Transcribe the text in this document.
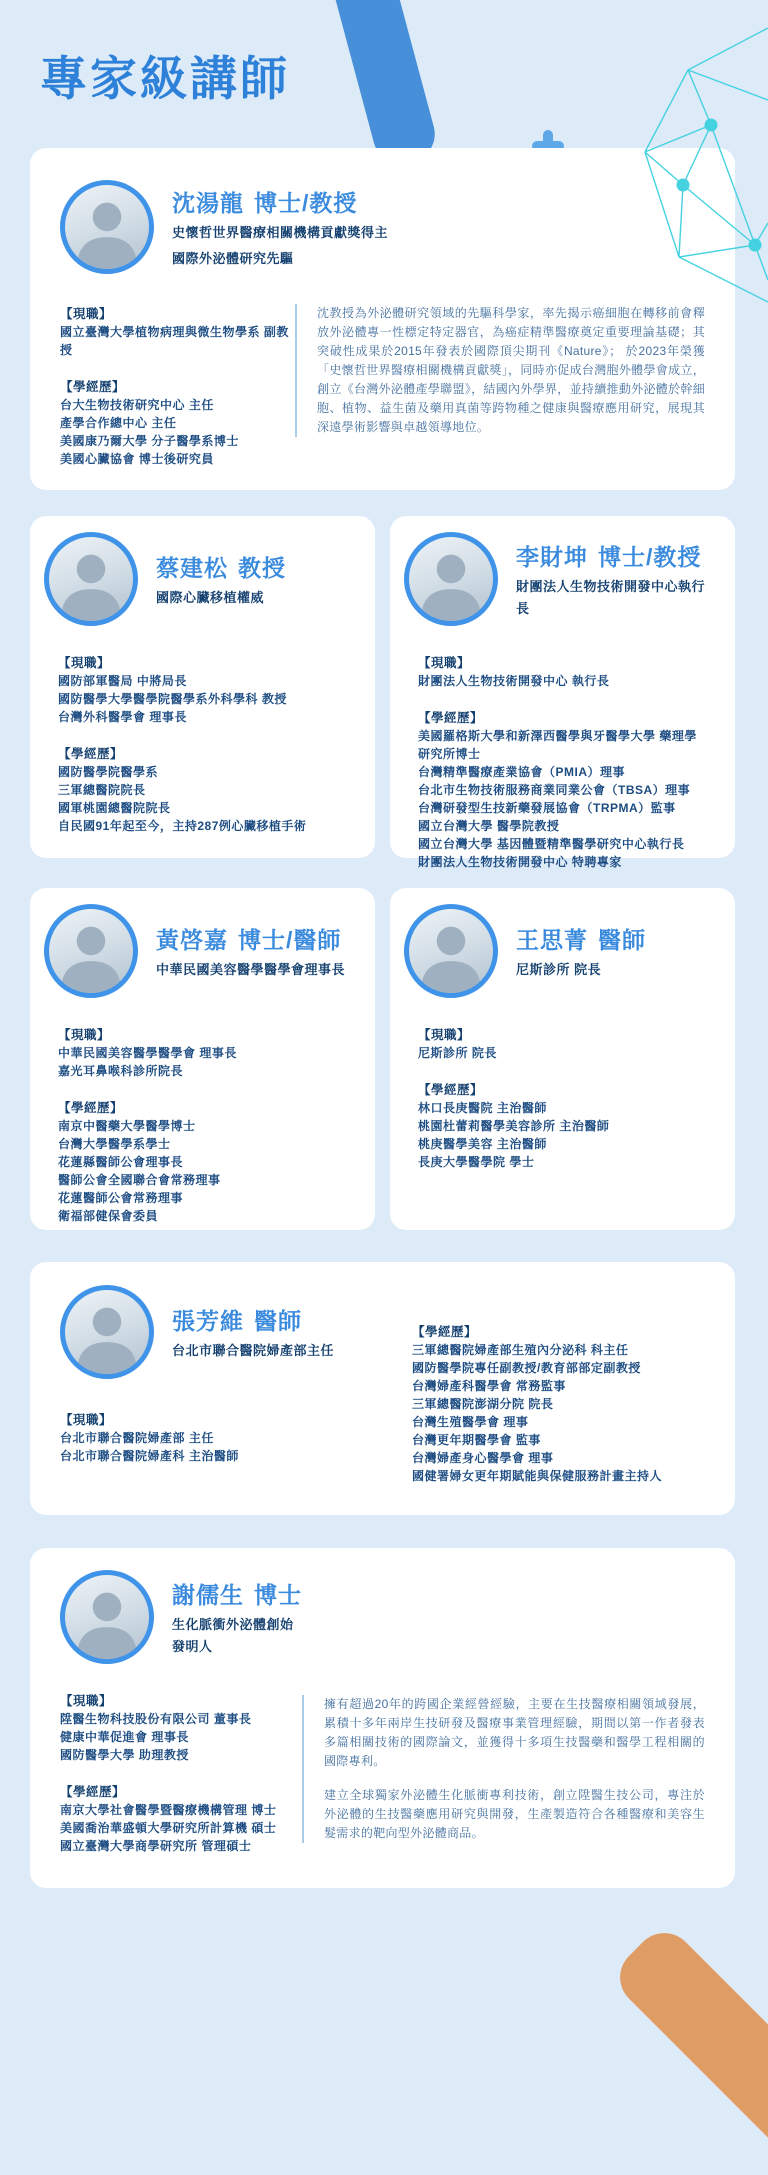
專家級講師
沈湯龍 博士/教授
史懷哲世界醫療相關機構貢獻獎得主
國際外泌體研究先驅
【現職】
國立臺灣大學植物病理與微生物學系 副教授
【學經歷】
台大生物技術研究中心 主任
產學合作總中心 主任
美國康乃爾大學 分子醫學系博士
美國心臟協會 博士後研究員
沈教授為外泌體研究領域的先驅科學家，率先揭示癌細胞在轉移前會釋放外泌體專一性標定特定器官，為癌症精準醫療奠定重要理論基礎；其突破性成果於2015年發表於國際頂尖期刊《Nature》； 於2023年榮獲「史懷哲世界醫療相關機構貢獻獎」，同時亦促成台灣胞外體學會成立，創立《台灣外泌體產學聯盟》，結國內外學界，並持續推動外泌體於幹細胞、植物、益生菌及藥用真菌等跨物種之健康與醫療應用研究，展現其深遠學術影響與卓越領導地位。
蔡建松 教授
國際心臟移植權威
【現職】
國防部軍醫局 中將局長
國防醫學大學醫學院醫學系外科學科 教授
台灣外科醫學會 理事長
【學經歷】
國防醫學院醫學系
三軍總醫院院長
國軍桃園總醫院院長
自民國91年起至今，主持287例心臟移植手術
李財坤 博士/教授
財團法人生物技術開發中心執行長
【現職】
財團法人生物技術開發中心 執行長
【學經歷】
美國羅格斯大學和新澤西醫學與牙醫學大學 藥理學研究所博士
台灣精準醫療產業協會（PMIA）理事
台北市生物技術服務商業同業公會（TBSA）理事
台灣研發型生技新藥發展協會（TRPMA）監事
國立台灣大學 醫學院教授
國立台灣大學 基因體暨精準醫學研究中心執行長
財團法人生物技術開發中心 特聘專家
黃啓嘉 博士/醫師
中華民國美容醫學醫學會理事長
【現職】
中華民國美容醫學醫學會 理事長
嘉光耳鼻喉科診所院長
【學經歷】
南京中醫藥大學醫學博士
台灣大學醫學系學士
花蓮縣醫師公會理事長
醫師公會全國聯合會常務理事
花蓮醫師公會常務理事
衛福部健保會委員
王思菁 醫師
尼斯診所 院長
【現職】
尼斯診所 院長
【學經歷】
林口長庚醫院 主治醫師
桃園杜蕾莉醫學美容診所 主治醫師
桃庚醫學美容 主治醫師
長庚大學醫學院 學士
張芳維 醫師
台北市聯合醫院婦產部主任
【現職】
台北市聯合醫院婦產部 主任
台北市聯合醫院婦產科 主治醫師
【學經歷】
三軍總醫院婦產部生殖內分泌科 科主任
國防醫學院專任副教授/教育部部定副教授
台灣婦產科醫學會 常務監事
三軍總醫院澎湖分院 院長
台灣生殖醫學會 理事
台灣更年期醫學會 監事
台灣婦產身心醫學會 理事
國健署婦女更年期賦能與保健服務計畫主持人
謝儒生 博士
生化脈衝外泌體創始發明人
【現職】
陞醫生物科技股份有限公司 董事長
健康中華促進會 理事長
國防醫學大學 助理教授
【學經歷】
南京大學社會醫學暨醫療機構管理 博士
美國喬治華盛頓大學研究所計算機 碩士
國立臺灣大學商學研究所 管理碩士
擁有超過20年的跨國企業經營經驗，主要在生技醫療相關領域發展，累積十多年兩岸生技研發及醫療事業管理經驗，期間以第一作者發表多篇相關技術的國際論文，並獲得十多項生技醫藥和醫學工程相關的國際專利。
建立全球獨家外泌體生化脈衝專利技術，創立陞醫生技公司，專注於外泌體的生技醫藥應用研究與開發，生產製造符合各種醫療和美容生髮需求的靶向型外泌體商品。
